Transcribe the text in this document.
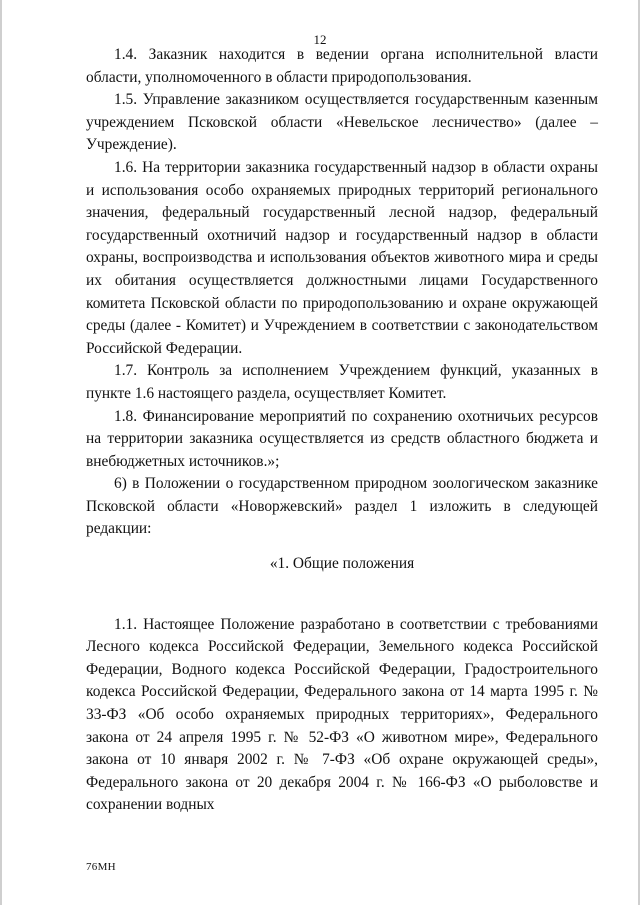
12

1.4. Заказник находится в ведении органа исполнительной власти области, уполномоченного в области природопользования.

1.5. Управление заказником осуществляется государственным казенным учреждением Псковской области «Невельское лесничество» (далее – Учреждение).

1.6. На территории заказника государственный надзор в области охраны и использования особо охраняемых природных территорий регионального значения, федеральный государственный лесной надзор, федеральный государственный охотничий надзор и государственный надзор в области охраны, воспроизводства и использования объектов животного мира и среды их обитания осуществляется должностными лицами Государственного комитета Псковской области по природопользованию и охране окружающей среды (далее - Комитет) и Учреждением в соответствии с законодательством Российской Федерации.

1.7. Контроль за исполнением Учреждением функций, указанных в пункте 1.6 настоящего раздела, осуществляет Комитет.

1.8. Финансирование мероприятий по сохранению охотничьих ресурсов на территории заказника осуществляется из средств областного бюджета и внебюджетных источников.»;

6) в Положении о государственном природном зоологическом заказнике Псковской области «Новоржевский» раздел 1 изложить в следующей редакции:

«1. Общие положения

1.1. Настоящее Положение разработано в соответствии с требованиями Лесного кодекса Российской Федерации, Земельного кодекса Российской Федерации, Водного кодекса Российской Федерации, Градостроительного кодекса Российской Федерации, Федерального закона от 14 марта 1995 г. № 33-ФЗ «Об особо охраняемых природных территориях», Федерального закона от 24 апреля 1995 г. № 52-ФЗ «О животном мире», Федерального закона от 10 января 2002 г. № 7-ФЗ «Об охране окружающей среды», Федерального закона от 20 декабря 2004 г. № 166-ФЗ «О рыболовстве и сохранении водных

76МН
